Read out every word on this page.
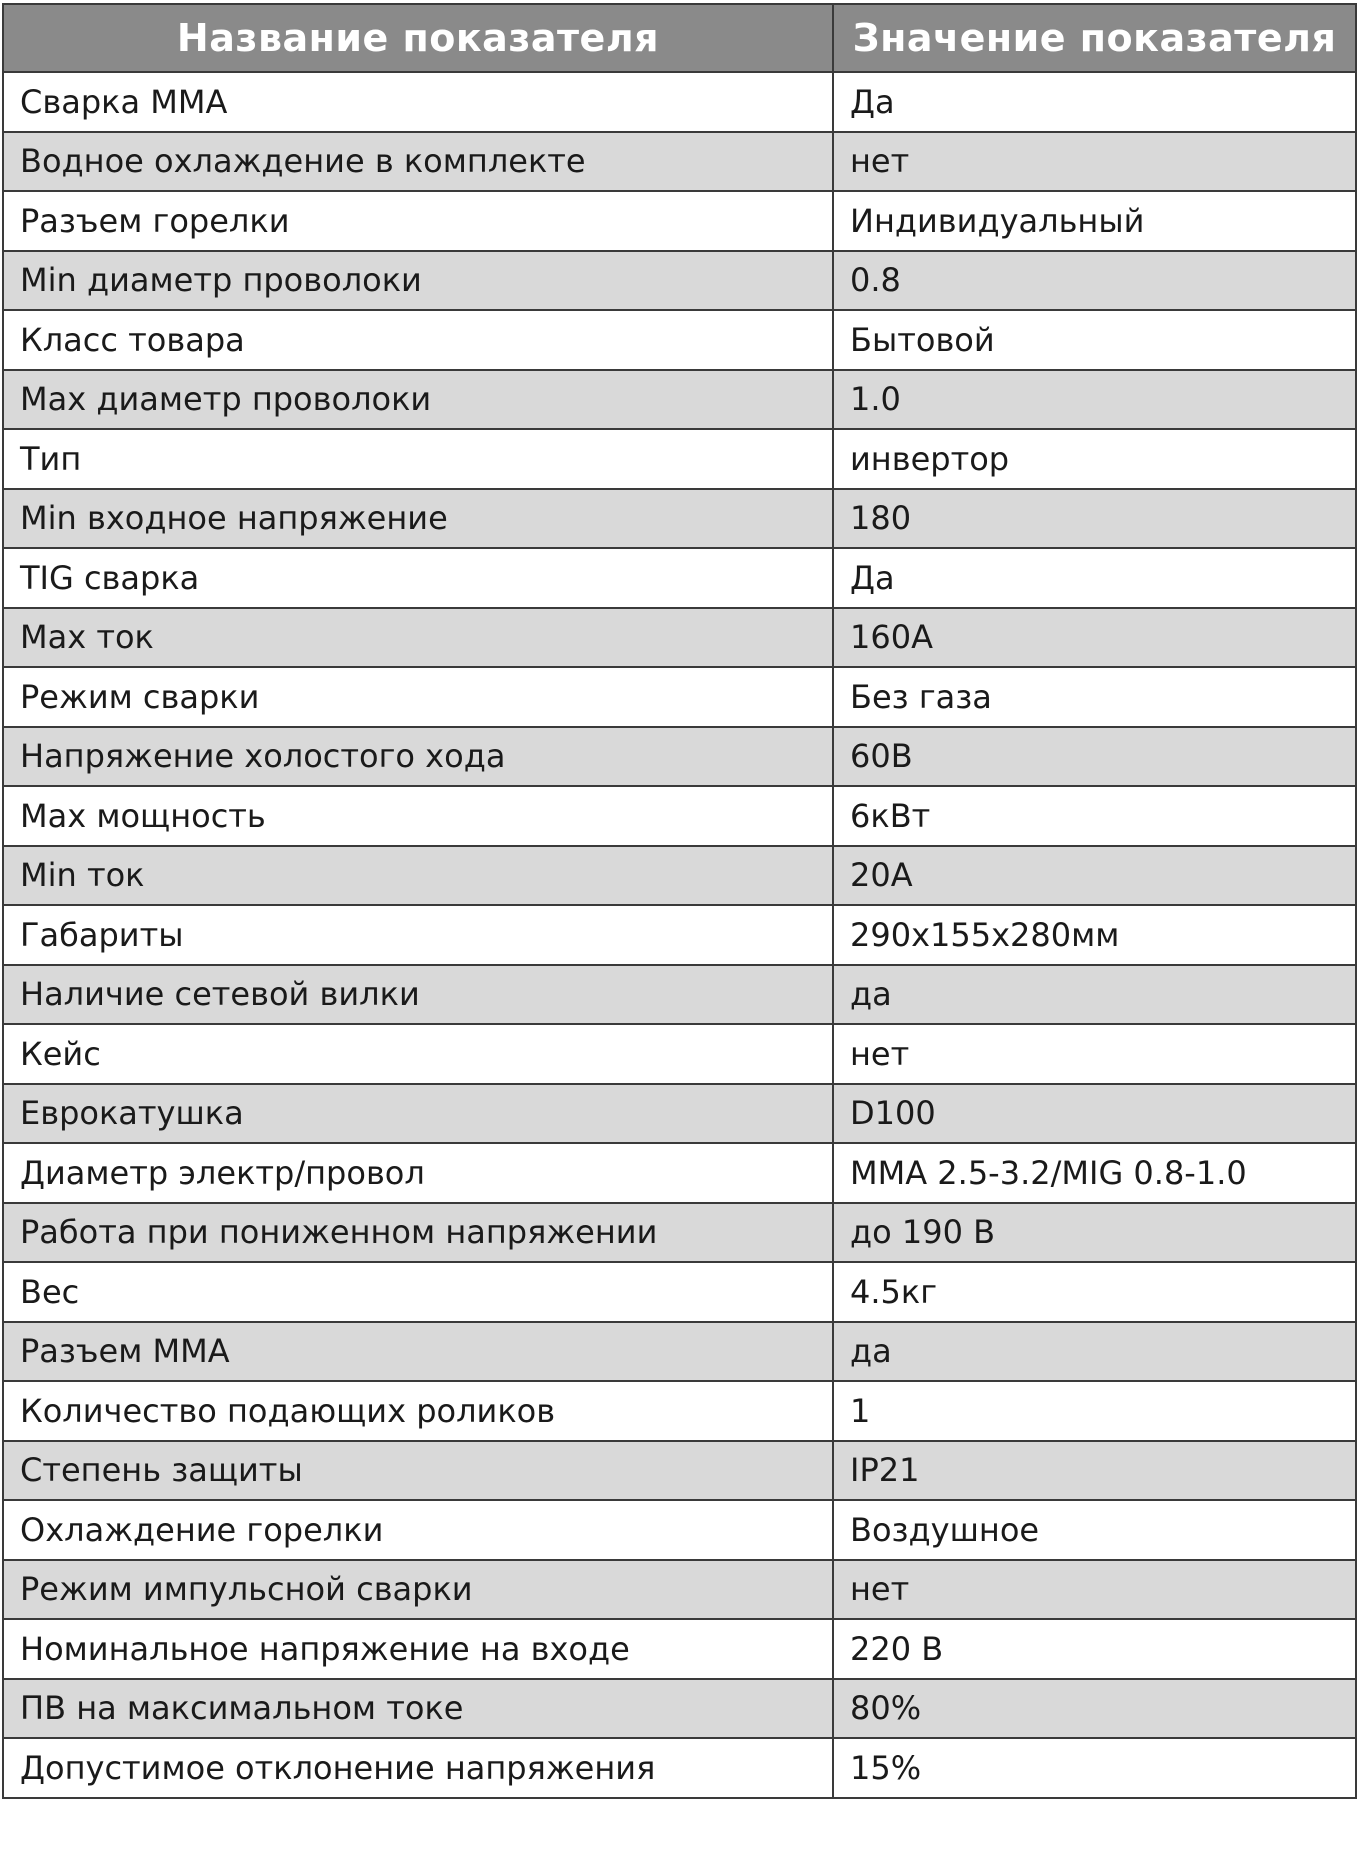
Название показателя	Значение показателя
Сварка ММА	Да
Водное охлаждение в комплекте	нет
Разъем горелки	Индивидуальный
Min диаметр проволоки	0.8
Класс товара	Бытовой
Max диаметр проволоки	1.0
Тип	инвертор
Min входное напряжение	180
TIG сварка	Да
Max ток	160А
Режим сварки	Без газа
Напряжение холостого хода	60В
Max мощность	6кВт
Min ток	20А
Габариты	290х155х280мм
Наличие сетевой вилки	да
Кейс	нет
Еврокатушка	D100
Диаметр электр/провол	ММА 2.5-3.2/MIG 0.8-1.0
Работа при пониженном напряжении	до 190 В
Вес	4.5кг
Разъем ММА	да
Количество подающих роликов	1
Степень защиты	IP21
Охлаждение горелки	Воздушное
Режим импульсной сварки	нет
Номинальное напряжение на входе	220 В
ПВ на максимальном токе	80%
Допустимое отклонение напряжения	15%
